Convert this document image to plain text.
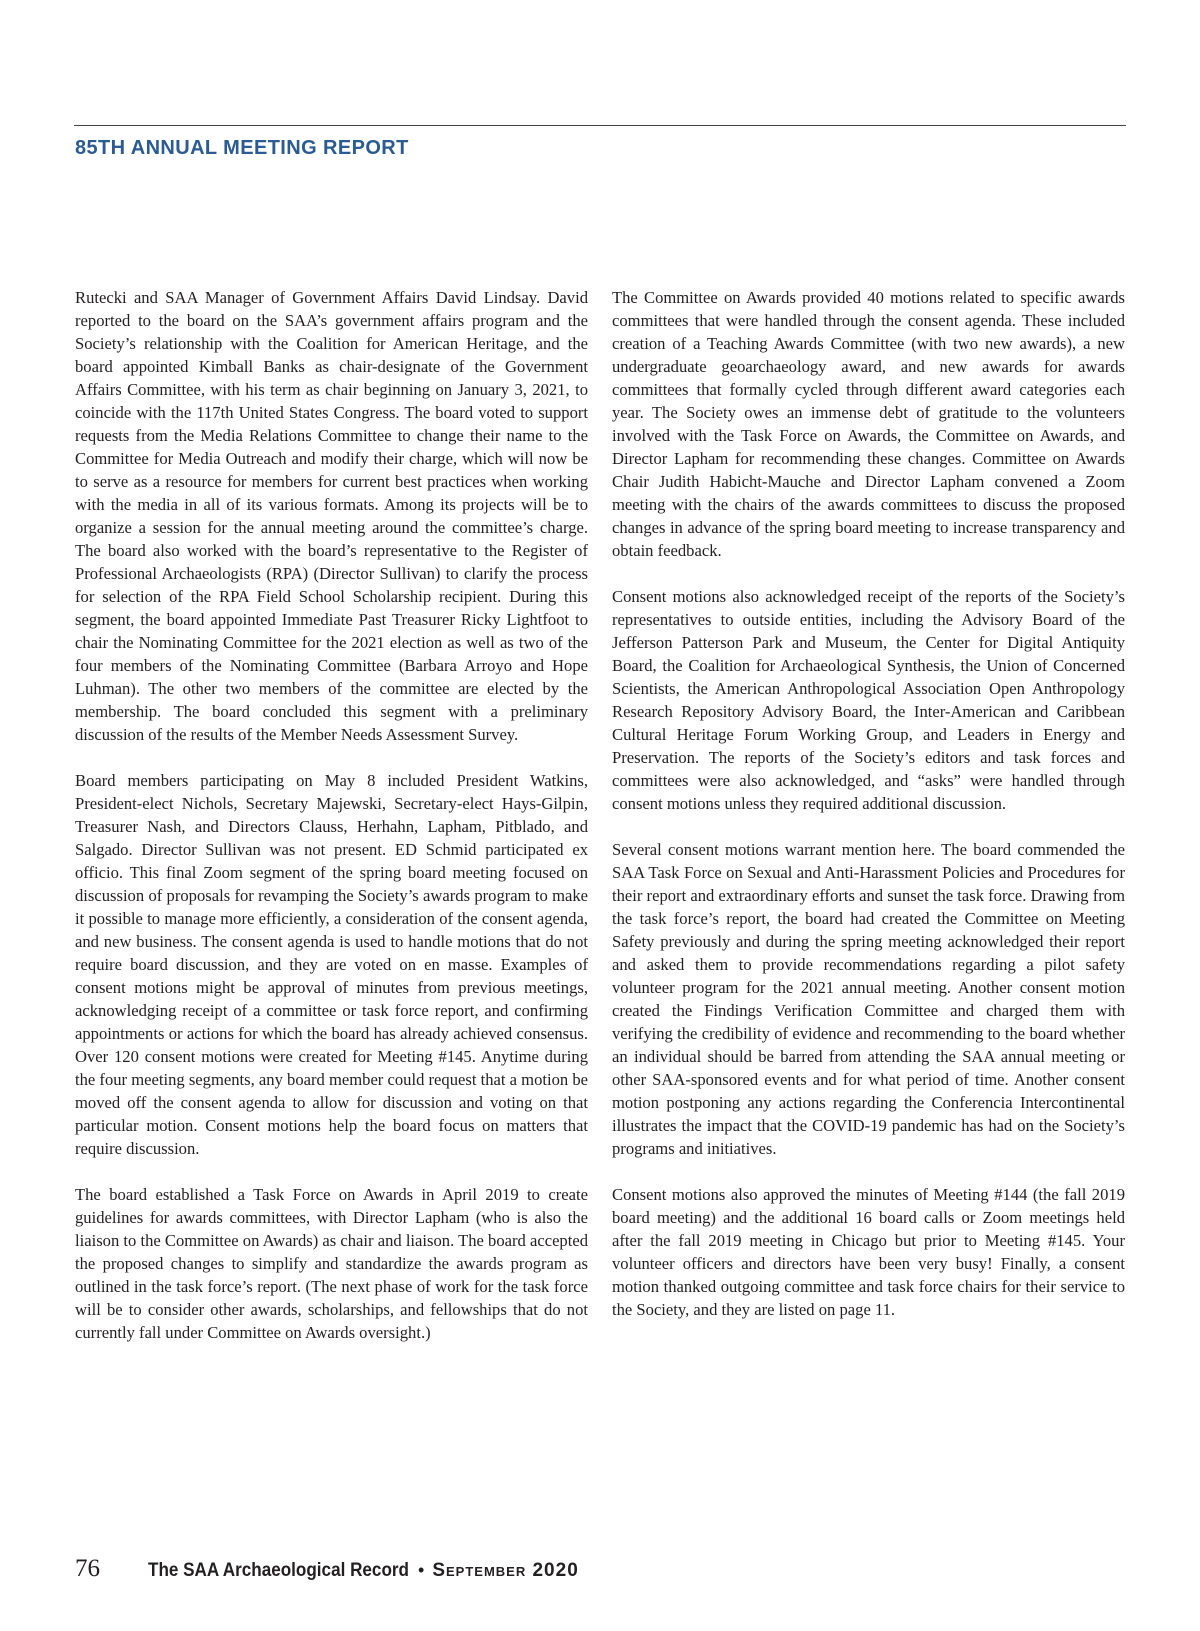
85TH ANNUAL MEETING REPORT

Rutecki and SAA Manager of Government Affairs David Lindsay. David reported to the board on the SAA’s government affairs program and the Society’s relationship with the Coalition for American Heritage, and the board appointed Kimball Banks as chair-designate of the Government Affairs Committee, with his term as chair beginning on January 3, 2021, to coincide with the 117th United States Congress. The board voted to support requests from the Media Relations Committee to change their name to the Committee for Media Outreach and modify their charge, which will now be to serve as a resource for members for current best practices when working with the media in all of its various formats. Among its projects will be to organize a session for the annual meeting around the committee’s charge. The board also worked with the board’s representative to the Register of Professional Archaeologists (RPA) (Director Sullivan) to clarify the process for selection of the RPA Field School Scholarship recipient. During this segment, the board appointed Immediate Past Treasurer Ricky Lightfoot to chair the Nominating Committee for the 2021 election as well as two of the four members of the Nominating Committee (Barbara Arroyo and Hope Luhman). The other two members of the committee are elected by the membership. The board concluded this segment with a preliminary discussion of the results of the Member Needs Assessment Survey.

Board members participating on May 8 included President Watkins, President-elect Nichols, Secretary Majewski, Secretary-elect Hays-Gilpin, Treasurer Nash, and Directors Clauss, Herhahn, Lapham, Pitblado, and Salgado. Director Sullivan was not present. ED Schmid participated ex officio. This final Zoom segment of the spring board meeting focused on discussion of proposals for revamping the Society’s awards program to make it possible to manage more efficiently, a consideration of the consent agenda, and new business. The consent agenda is used to handle motions that do not require board discussion, and they are voted on en masse. Examples of consent motions might be approval of minutes from previous meetings, acknowledging receipt of a committee or task force report, and confirming appointments or actions for which the board has already achieved consensus. Over 120 consent motions were created for Meeting #145. Anytime during the four meeting segments, any board member could request that a motion be moved off the consent agenda to allow for discussion and voting on that particular motion. Consent motions help the board focus on matters that require discussion.

The board established a Task Force on Awards in April 2019 to create guidelines for awards committees, with Director Lapham (who is also the liaison to the Committee on Awards) as chair and liaison. The board accepted the proposed changes to simplify and standardize the awards program as outlined in the task force’s report. (The next phase of work for the task force will be to consider other awards, scholarships, and fellowships that do not currently fall under Committee on Awards oversight.)

The Committee on Awards provided 40 motions related to specific awards committees that were handled through the consent agenda. These included creation of a Teaching Awards Committee (with two new awards), a new undergraduate geoarchaeology award, and new awards for awards committees that formally cycled through different award categories each year. The Society owes an immense debt of gratitude to the volunteers involved with the Task Force on Awards, the Committee on Awards, and Director Lapham for recommending these changes. Committee on Awards Chair Judith Habicht-Mauche and Director Lapham convened a Zoom meeting with the chairs of the awards committees to discuss the proposed changes in advance of the spring board meeting to increase transparency and obtain feedback.

Consent motions also acknowledged receipt of the reports of the Society’s representatives to outside entities, including the Advisory Board of the Jefferson Patterson Park and Museum, the Center for Digital Antiquity Board, the Coalition for Archaeological Synthesis, the Union of Concerned Scientists, the American Anthropological Association Open Anthropology Research Repository Advisory Board, the Inter-American and Caribbean Cultural Heritage Forum Working Group, and Leaders in Energy and Preservation. The reports of the Society’s editors and task forces and committees were also acknowledged, and “asks” were handled through consent motions unless they required additional discussion.

Several consent motions warrant mention here. The board commended the SAA Task Force on Sexual and Anti-Harassment Policies and Procedures for their report and extraordinary efforts and sunset the task force. Drawing from the task force’s report, the board had created the Committee on Meeting Safety previously and during the spring meeting acknowledged their report and asked them to provide recommendations regarding a pilot safety volunteer program for the 2021 annual meeting. Another consent motion created the Findings Verification Committee and charged them with verifying the credibility of evidence and recommending to the board whether an individual should be barred from attending the SAA annual meeting or other SAA-sponsored events and for what period of time. Another consent motion postponing any actions regarding the Conferencia Intercontinental illustrates the impact that the COVID-19 pandemic has had on the Society’s programs and initiatives.

Consent motions also approved the minutes of Meeting #144 (the fall 2019 board meeting) and the additional 16 board calls or Zoom meetings held after the fall 2019 meeting in Chicago but prior to Meeting #145. Your volunteer officers and directors have been very busy! Finally, a consent motion thanked outgoing committee and task force chairs for their service to the Society, and they are listed on page 11.

76	The SAA Archaeological Record • September 2020
